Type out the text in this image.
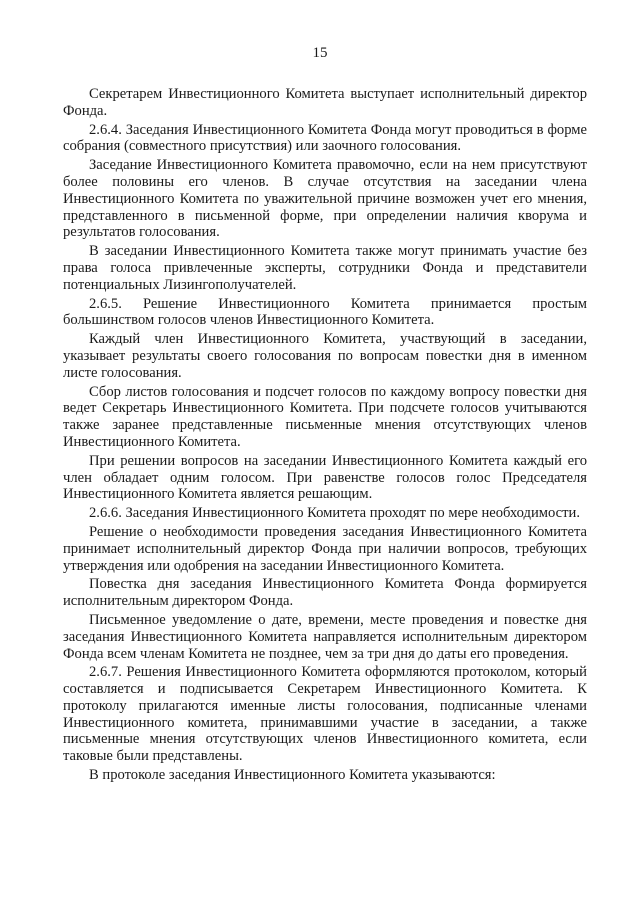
15

Секретарем Инвестиционного Комитета выступает исполнительный директор Фонда.

2.6.4. Заседания Инвестиционного Комитета Фонда могут проводиться в форме собрания (совместного присутствия) или заочного голосования.

Заседание Инвестиционного Комитета правомочно, если на нем присутствуют более половины его членов. В случае отсутствия на заседании члена Инвестиционного Комитета по уважительной причине возможен учет его мнения, представленного в письменной форме, при определении наличия кворума и результатов голосования.

В заседании Инвестиционного Комитета также могут принимать участие без права голоса привлеченные эксперты, сотрудники Фонда и представители потенциальных Лизингополучателей.

2.6.5. Решение Инвестиционного Комитета принимается простым большинством голосов членов Инвестиционного Комитета.

Каждый член Инвестиционного Комитета, участвующий в заседании, указывает результаты своего голосования по вопросам повестки дня в именном листе голосования.

Сбор листов голосования и подсчет голосов по каждому вопросу повестки дня ведет Секретарь Инвестиционного Комитета. При подсчете голосов учитываются также заранее представленные письменные мнения отсутствующих членов Инвестиционного Комитета.

При решении вопросов на заседании Инвестиционного Комитета каждый его член обладает одним голосом. При равенстве голосов голос Председателя Инвестиционного Комитета является решающим.

2.6.6. Заседания Инвестиционного Комитета проходят по мере необходимости.

Решение о необходимости проведения заседания Инвестиционного Комитета принимает исполнительный директор Фонда при наличии вопросов, требующих утверждения или одобрения на заседании Инвестиционного Комитета.

Повестка дня заседания Инвестиционного Комитета Фонда формируется исполнительным директором Фонда.

Письменное уведомление о дате, времени, месте проведения и повестке дня заседания Инвестиционного Комитета направляется исполнительным директором Фонда всем членам Комитета не позднее, чем за три дня до даты его проведения.

2.6.7. Решения Инвестиционного Комитета оформляются протоколом, который составляется и подписывается Секретарем Инвестиционного Комитета. К протоколу прилагаются именные листы голосования, подписанные членами Инвестиционного комитета, принимавшими участие в заседании, а также письменные мнения отсутствующих членов Инвестиционного комитета, если таковые были представлены.

В протоколе заседания Инвестиционного Комитета указываются:
